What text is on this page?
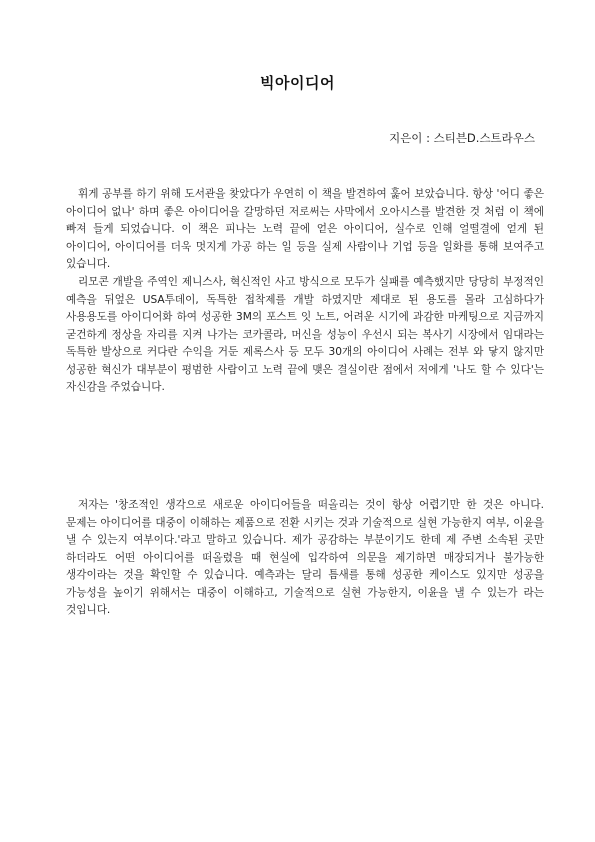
빅아이디어
지은이 : 스티븐D.스트라우스

휘게 공부를 하기 위해 도서관을 찾았다가 우연히 이 책을 발견하여 훑어 보았습니다. 항상 '어디 좋은 아이디어 없나' 하며 좋은 아이디어을 갈망하던 저로써는 사막에서 오아시스를 발견한 것 처럼 이 책에 빠져 들게 되었습니다. 이 책은 피나는 노력 끝에 얻은 아이디어, 실수로 인해 얼떨결에 얻게 된 아이디어, 아이디어를 더욱 멋지게 가공 하는 일 등을 실제 사람이나 기업 등을 일화를 통해 보여주고 있습니다.

리모콘 개발을 주역인 제니스사, 혁신적인 사고 방식으로 모두가 실패를 예측했지만 당당히 부정적인 예측을 뒤엎은 USA투데이, 독특한 접착제를 개발 하였지만 제대로 된 용도를 몰라 고심하다가 사용용도를 아이디어화 하여 성공한 3M의 포스트 잇 노트, 어려운 시기에 과감한 마케팅으로 지금까지 굳건하게 정상을 자리를 지켜 나가는 코카콜라, 머신을 성능이 우선시 되는 복사기 시장에서 임대라는 독특한 발상으로 커다란 수익을 거둔 제록스사 등 모두 30개의 아이디어 사례는 전부 와 닿지 않지만 성공한 혁신가 대부분이 평범한 사람이고 노력 끝에 맺은 결실이란 점에서 저에게 '나도 할 수 있다'는 자신감을 주었습니다.

저자는 '창조적인 생각으로 새로운 아이디어들을 떠올리는 것이 항상 어렵기만 한 것은 아니다. 문제는 아이디어를 대중이 이해하는 제품으로 전환 시키는 것과 기술적으로 실현 가능한지 여부, 이윤을 낼 수 있는지 여부이다.'라고 말하고 있습니다. 제가 공감하는 부분이기도 한데 제 주변 소속된 곳만 하더라도 어떤 아이디어를 떠올렸을 때 현실에 입각하여 의문을 제기하면 매장되거나 불가능한 생각이라는 것을 확인할 수 있습니다. 예측과는 달리 틈새를 통해 성공한 케이스도 있지만 성공을 가능성을 높이기 위해서는 대중이 이해하고, 기술적으로 실현 가능한지, 이윤을 낼 수 있는가 라는 것입니다.
